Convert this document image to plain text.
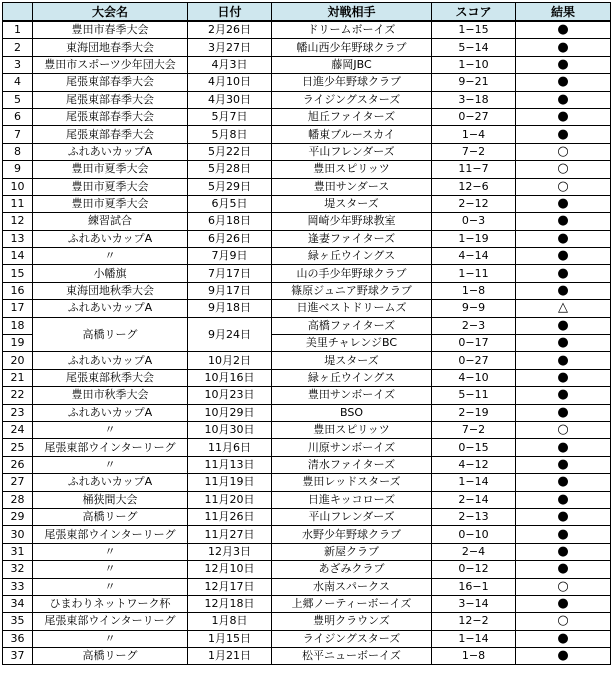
	大会名	日付	対戦相手	スコア	結果
1	豊田市春季大会	2月26日	ドリームボーイズ	1−15	●
2	東海団地春季大会	3月27日	幡山西少年野球クラブ	5−14	●
3	豊田市スポーツ少年団大会	4月3日	藤岡JBC	1−10	●
4	尾張東部春季大会	4月10日	日進少年野球クラブ	9−21	●
5	尾張東部春季大会	4月30日	ライジングスターズ	3−18	●
6	尾張東部春季大会	5月7日	旭丘ファイターズ	0−27	●
7	尾張東部春季大会	5月8日	幡東ブルースカイ	1−4	●
8	ふれあいカップA	5月22日	平山フレンダーズ	7−2	○
9	豊田市夏季大会	5月28日	豊田スピリッツ	11−7	○
10	豊田市夏季大会	5月29日	豊田サンダース	12−6	○
11	豊田市夏季大会	6月5日	堤スターズ	2−12	●
12	練習試合	6月18日	岡崎少年野球教室	0−3	●
13	ふれあいカップA	6月26日	逢妻ファイターズ	1−19	●
14	〃	7月9日	緑ヶ丘ウイングス	4−14	●
15	小幡旗	7月17日	山の手少年野球クラブ	1−11	●
16	東海団地秋季大会	9月17日	篠原ジュニア野球クラブ	1−8	●
17	ふれあいカップA	9月18日	日進ベストドリームズ	9−9	△
18	高橋リーグ	9月24日	高橋ファイターズ	2−3	●
19			美里チャレンジBC	0−17	●
20	ふれあいカップA	10月2日	堤スターズ	0−27	●
21	尾張東部秋季大会	10月16日	緑ヶ丘ウイングス	4−10	●
22	豊田市秋季大会	10月23日	豊田サンボーイズ	5−11	●
23	ふれあいカップA	10月29日	BSO	2−19	●
24	〃	10月30日	豊田スピリッツ	7−2	○
25	尾張東部ウインターリーグ	11月6日	川原サンボーイズ	0−15	●
26	〃	11月13日	清水ファイターズ	4−12	●
27	ふれあいカップA	11月19日	豊田レッドスターズ	1−14	●
28	桶狭間大会	11月20日	日進キッコローズ	2−14	●
29	高橋リーグ	11月26日	平山フレンダーズ	2−13	●
30	尾張東部ウインターリーグ	11月27日	水野少年野球クラブ	0−10	●
31	〃	12月3日	新屋クラブ	2−4	●
32	〃	12月10日	あざみクラブ	0−12	●
33	〃	12月17日	水南スパークス	16−1	○
34	ひまわりネットワーク杯	12月18日	上郷ノーティーボーイズ	3−14	●
35	尾張東部ウインターリーグ	1月8日	豊明クラウンズ	12−2	○
36	〃	1月15日	ライジングスターズ	1−14	●
37	高橋リーグ	1月21日	松平ニューボーイズ	1−8	●
